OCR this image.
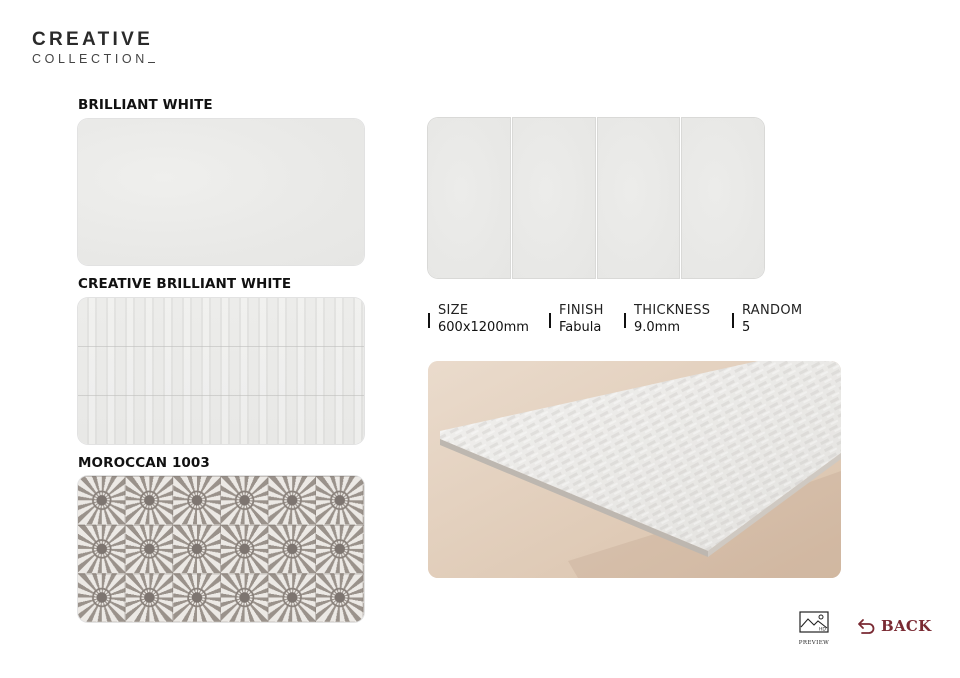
CREATIVE
COLLECTION
BRILLIANT WHITE
CREATIVE BRILLIANT WHITE
MOROCCAN 1003
SIZE
600x1200mm
FINISH
Fabula
THICKNESS
9.0mm
RANDOM
5
HD
PREVIEW
BACK
